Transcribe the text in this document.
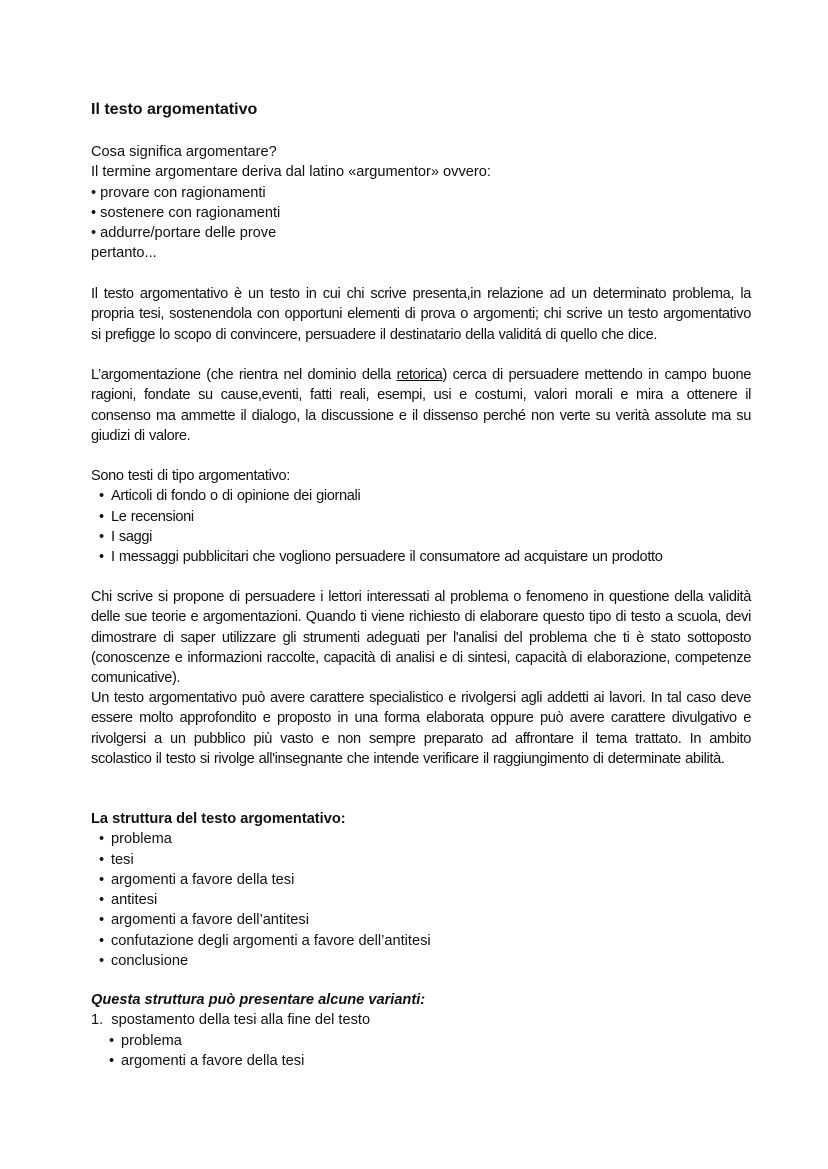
Il testo argomentativo
Cosa significa argomentare?
Il termine argomentare deriva dal latino «argumentor» ovvero:
• provare con ragionamenti
• sostenere con ragionamenti
• addurre/portare delle prove
pertanto...
Il testo argomentativo è un testo in cui chi scrive presenta,in relazione ad un determinato problema, la propria tesi, sostenendola con opportuni elementi di prova o argomenti; chi scrive un testo argomentativo si prefigge lo scopo di convincere, persuadere il destinatario della validitá di quello che dice.
L’argomentazione (che rientra nel dominio della retorica) cerca di persuadere mettendo in campo buone ragioni, fondate su cause,eventi, fatti reali, esempi, usi e costumi, valori morali e mira a ottenere il consenso ma ammette il dialogo, la discussione e il dissenso perché non verte su verità assolute ma su giudizi di valore.
Sono testi di tipo argomentativo:
• Articoli di fondo o di opinione dei giornali
• Le recensioni
• I saggi
• I messaggi pubblicitari che vogliono persuadere il consumatore ad acquistare un prodotto
Chi scrive si propone di persuadere i lettori interessati al problema o fenomeno in questione della validità delle sue teorie e argomentazioni. Quando ti viene richiesto di elaborare questo tipo di testo a scuola, devi dimostrare di saper utilizzare gli strumenti adeguati per l'analisi del problema che ti è stato sottoposto (conoscenze e informazioni raccolte, capacità di analisi e di sintesi, capacità di elaborazione, competenze comunicative).
Un testo argomentativo può avere carattere specialistico e rivolgersi agli addetti ai lavori. In tal caso deve essere molto approfondito e proposto in una forma elaborata oppure può avere carattere divulgativo e rivolgersi a un pubblico più vasto e non sempre preparato ad affrontare il tema trattato. In ambito scolastico il testo si rivolge all'insegnante che intende verificare il raggiungimento di determinate abilità.
La struttura del testo argomentativo:
• problema
• tesi
• argomenti a favore della tesi
• antitesi
• argomenti a favore dell’antitesi
• confutazione degli argomenti a favore dell’antitesi
• conclusione
Questa struttura può presentare alcune varianti:
1. spostamento della tesi alla fine del testo
• problema
• argomenti a favore della tesi
